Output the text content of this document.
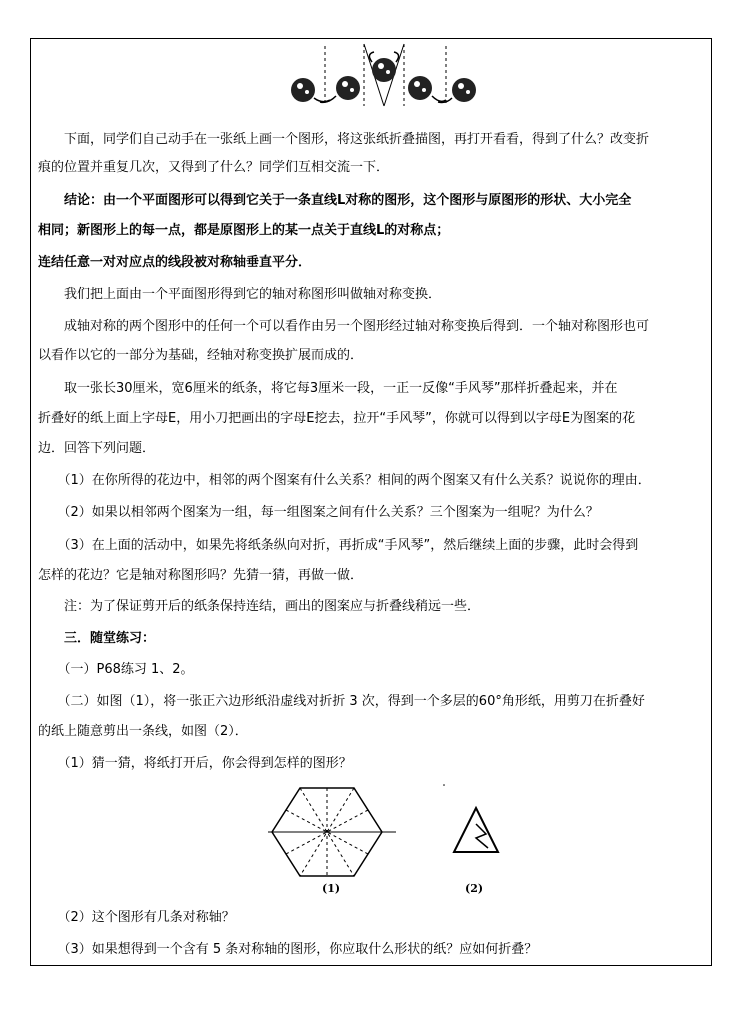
　　下面，同学们自己动手在一张纸上画一个图形，将这张纸折叠描图，再打开看看，得到了什么？改变折
痕的位置并重复几次，又得到了什么？同学们互相交流一下．
　　结论：由一个平面图形可以得到它关于一条直线L对称的图形，这个图形与原图形的形状、大小完全
相同；新图形上的每一点，都是原图形上的某一点关于直线L的对称点；
连结任意一对对应点的线段被对称轴垂直平分．
　　我们把上面由一个平面图形得到它的轴对称图形叫做轴对称变换．
　　成轴对称的两个图形中的任何一个可以看作由另一个图形经过轴对称变换后得到．一个轴对称图形也可
以看作以它的一部分为基础，经轴对称变换扩展而成的．
　　取一张长30厘米，宽6厘米的纸条，将它每3厘米一段，一正一反像“手风琴”那样折叠起来，并在
折叠好的纸上面上字母E，用小刀把画出的字母E挖去，拉开“手风琴”，你就可以得到以字母E为图案的花
边．回答下列问题．
　　（1）在你所得的花边中，相邻的两个图案有什么关系？相间的两个图案又有什么关系？说说你的理由．
　　（2）如果以相邻两个图案为一组，每一组图案之间有什么关系？三个图案为一组呢？为什么？
　　（3）在上面的活动中，如果先将纸条纵向对折，再折成“手风琴”，然后继续上面的步骤，此时会得到
怎样的花边？它是轴对称图形吗？先猜一猜，再做一做．
　　注：为了保证剪开后的纸条保持连结，画出的图案应与折叠线稍远一些．
　　三．随堂练习：
　　（一）P68练习 1、2。
　　（二）如图（1），将一张正六边形纸沿虚线对折折 3 次，得到一个多层的60°角形纸，用剪刀在折叠好
的纸上随意剪出一条线，如图（2）．
　　（1）猜一猜，将纸打开后，你会得到怎样的图形？
(1)	(2)
　　（2）这个图形有几条对称轴？
　　（3）如果想得到一个含有 5 条对称轴的图形，你应取什么形状的纸？应如何折叠？
